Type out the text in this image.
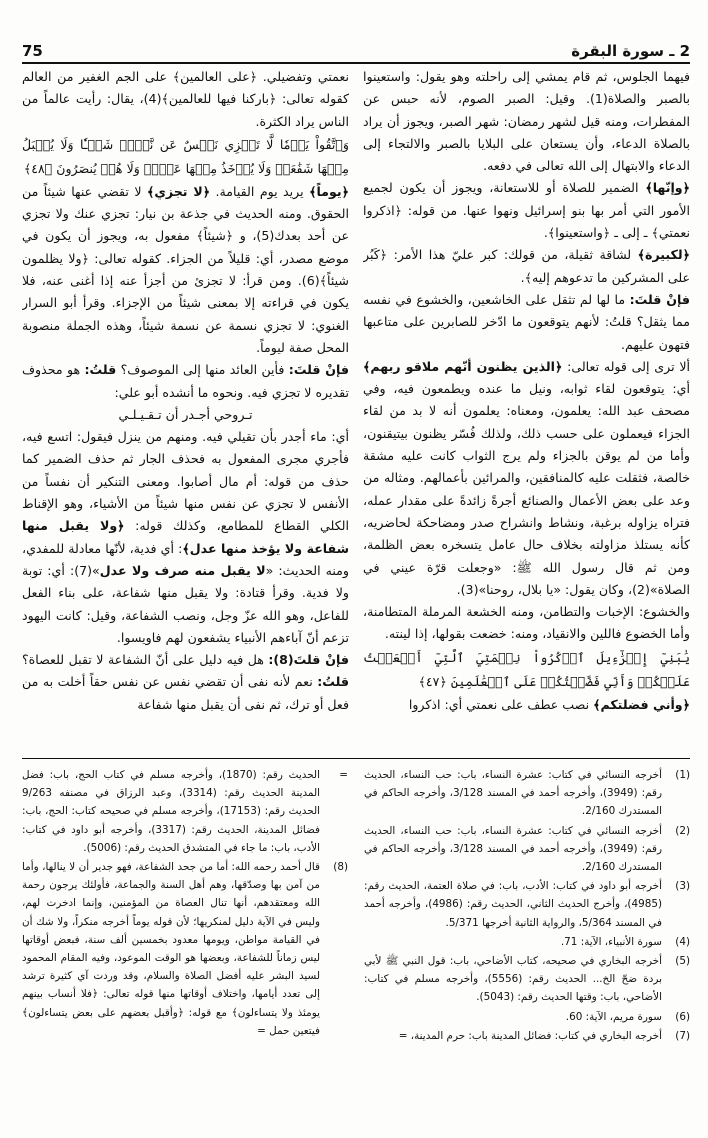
75	2 ـ سورة البقرة

فيهما الجلوس، ثم قام يمشي إلى راحلته وهو يقول: واستعينوا بالصبر والصلاة(1). وقيل: الصبر الصوم، لأنه حبس عن المفطرات، ومنه قيل لشهر رمضان: شهر الصبر، ويجوز أن يراد بالصلاة الدعاء، وأن يستعان على البلايا بالصبر والالتجاء إلى الدعاء والابتهال إلى الله تعالى في دفعه.

﴿وإنّها﴾ الضمير للصلاة أو للاستعانة، ويجوز أن يكون لجميع الأمور التي أمر بها بنو إسرائيل ونهوا عنها. من قوله: ﴿اذكروا نعمتي﴾ ـ إلى ـ ﴿واستعينوا﴾.

﴿لكبيرة﴾ لشاقة ثقيلة، من قولك: كبر عليّ هذا الأمر: ﴿كَبُر على المشركين ما تدعوهم إليه﴾.

فإنْ قلتَ: ما لها لم تثقل على الخاشعين، والخشوع في نفسه مما يثقل؟ قلتُ: لأنهم يتوقعون ما ادّخر للصابرين على متاعبها فتهون عليهم.

ألا ترى إلى قوله تعالى: ﴿الذين يظنون أنّهم ملاقو ربهم﴾ أي: يتوقعون لقاء ثوابه، ونيل ما عنده ويطمعون فيه، وفي مصحف عبد الله: يعلمون، ومعناه: يعلمون أنه لا بد من لقاء الجزاء فيعملون على حسب ذلك، ولذلك فُسّر يظنون بيتيقنون، وأما من لم يوقن بالجزاء ولم يرج الثواب كانت عليه مشقة خالصة، فثقلت عليه كالمنافقين، والمرائين بأعمالهم. ومثاله من وعد على بعض الأعمال والصنائع أجرةً زائدةً على مقدار عمله، فتراه يزاوله برغبة، ونشاط وانشراح صدر ومضاحكة لحاضريه، كأنه يستلذ مزاولته بخلاف حال عامل يتسخره بعض الظلمة، ومن ثم قال رسول الله ﷺ: «وجعلت قرّة عيني في الصلاة»(2)، وكان يقول: «يا بلال، روحنا»(3).

والخشوع: الإخبات والتطامن، ومنه الخشعة المرملة المتطامنة، وأما الخضوع فاللين والانقياد، ومنه: خضعت بقولها، إذا لينته.

يَٰبَنِيٓ إِسۡرَٰٓءِيلَ ٱذۡكُرُواْ نِعۡمَتِيَ ٱلَّتِيٓ أَنۡعَمۡتُ عَلَيۡكُمۡ وَأَنِّي فَضَّلۡتُكُمۡ عَلَى ٱلۡعَٰلَمِينَ ﴿٤٧﴾

﴿وأني فضلتكم﴾ نصب عطف على نعمتي أي: اذكروا

نعمتي وتفضيلي. ﴿على العالمين﴾ على الجم الغفير من العالم كقوله تعالى: ﴿باركنا فيها للعالمين﴾(4)، يقال: رأيت عالماً من الناس يراد الكثرة.

وَٱتَّقُواْ يَوۡمٗا لَّا تَجۡزِي نَفۡسٌ عَن نَّفۡسٖ شَيۡـٔٗا وَلَا يُقۡبَلُ مِنۡهَا شَفَٰعَةٞ وَلَا يُؤۡخَذُ مِنۡهَا عَدۡلٞ وَلَا هُمۡ يُنصَرُونَ ﴿٤٨﴾

﴿يوماً﴾ يريد يوم القيامة. ﴿لا تجزي﴾ لا تقضي عنها شيئاً من الحقوق. ومنه الحديث في جذعة بن نيار: تجزي عنك ولا تجزي عن أحد بعدك(5)، و ﴿شيئاً﴾ مفعول به، ويجوز أن يكون في موضع مصدر، أي: قليلاً من الجزاء. كقوله تعالى: ﴿ولا يظلمون شيئاً﴾(6). ومن قرأ: لا تجزئ من أجزأ عنه إذا أغنى عنه، فلا يكون في قراءته إلا بمعنى شيئاً من الإجزاء. وقرأ أبو السرار الغنوي: لا تجزي نسمة عن نسمة شيئاً، وهذه الجملة منصوبة المحل صفة ليوماً.

فإنْ قلتَ: فأين العائد منها إلى الموصوف؟ قلتُ: هو محذوف تقديره لا تجزي فيه. ونحوه ما أنشده أبو علي:

تـروحي أجـدر أن تـقـيـلـي

أي: ماء أجدر بأن تقيلي فيه. ومنهم من ينزل فيقول: اتسع فيه، فأجري مجرى المفعول به فحذف الجار ثم حذف الضمير كما حذف من قوله: أم مال أصابوا. ومعنى التنكير أن نفساً من الأنفس لا تجزي عن نفس منها شيئاً من الأشياء، وهو الإقناط الكلي القطاع للمطامع، وكذلك قوله: ﴿ولا يقبل منها شفاعة ولا يؤخذ منها عدل﴾: أي فدية، لأنّها معادلة للمفدي، ومنه الحديث: «لا يقبل منه صرف ولا عدل»(7): أي: توبة ولا فدية. وقرأ قتادة: ولا يقبل منها شفاعة، على بناء الفعل للفاعل، وهو الله عزّ وجل، ونصب الشفاعة، وقيل: كانت اليهود تزعم أنّ آباءهم الأنبياء يشفعون لهم فاويسوا.

فإنْ قلتَ(8): هل فيه دليل على أنّ الشفاعة لا تقبل للعصاة؟ قلتُ: نعم لأنه نفى أن تقضي نفس عن نفس حقاً أخلت به من فعل أو ترك، ثم نفى أن يقبل منها شفاعة

(1)
أخرجه النسائي في كتاب: عشرة النساء، باب: حب النساء، الحديث رقم: (3949)، وأخرجه أحمد في المسند 3/128، وأخرجه الحاكم في المستدرك 2/160.
(2)
أخرجه النسائي في كتاب: عشرة النساء، باب: حب النساء، الحديث رقم: (3949)، وأخرجه أحمد في المسند 3/128، وأخرجه الحاكم في المستدرك 2/160.
(3)
أخرجه أبو داود في كتاب: الأدب، باب: في صلاة العتمة، الحديث رقم: (4985)، وأخرج الحديث الثاني، الحديث رقم: (4986)، وأخرجه أحمد في المسند 5/364، والرواية الثانية أخرجها 5/371.
(4)
سورة الأنبياء، الآية: 71.
(5)
أخرجه البخاري في صحيحه، كتاب الأضاحي، باب: قول النبي ﷺ لأبي بردة ضحّ الخ... الحديث رقم: (5556)، وأخرجه مسلم في كتاب: الأضاحي، باب: وقتها الحديث رقم: (5043).
(6)
سورة مريم، الآية: 60.
(7)
أخرجه البخاري في كتاب: فضائل المدينة باب: حرم المدينة، =
=
الحديث رقم: (1870)، وأخرجه مسلم في كتاب الحج، باب: فضل المدينة الحديث رقم: (3314)، وعبد الرزاق في مصنفه 9/263 الحديث رقم: (17153)، وأخرجه مسلم في صحيحه كتاب: الحج، باب: فضائل المدينة، الحديث رقم: (3317)، وأخرجه أبو داود في كتاب: الأدب، باب: ما جاء في المتشدق الحديث رقم: (5006).
(8)
قال أحمد رحمه الله: أما من جحد الشفاعة، فهو جدير أن لا ينالها، وأما من آمن بها وصدّقها، وهم أهل السنة والجماعة، فأولئك يرجون رحمة الله ومعتقدهم، أنها تنال العصاة من المؤمنين، وإنما ادخرت لهم، وليس في الآية دليل لمنكريها؛ لأن قوله يوماً أخرجه منكراً، ولا شك أن في القيامة مواطن، ويومها معدود بخمسين ألف سنة، فبعض أوقاتها ليس زماناً للشفاعة، وبعضها هو الوقت الموعود، وفيه المقام المحمود لسيد البشر عليه أفضل الصلاة والسلام، وقد وردت آي كثيرة ترشد إلى تعدد أيامها، واختلاف أوقاتها منها قوله تعالى: ﴿فلا أنساب بينهم يومئذ ولا يتساءلون﴾ مع قوله: ﴿وأقبل بعضهم على بعض يتساءلون﴾ فيتعين حمل =
